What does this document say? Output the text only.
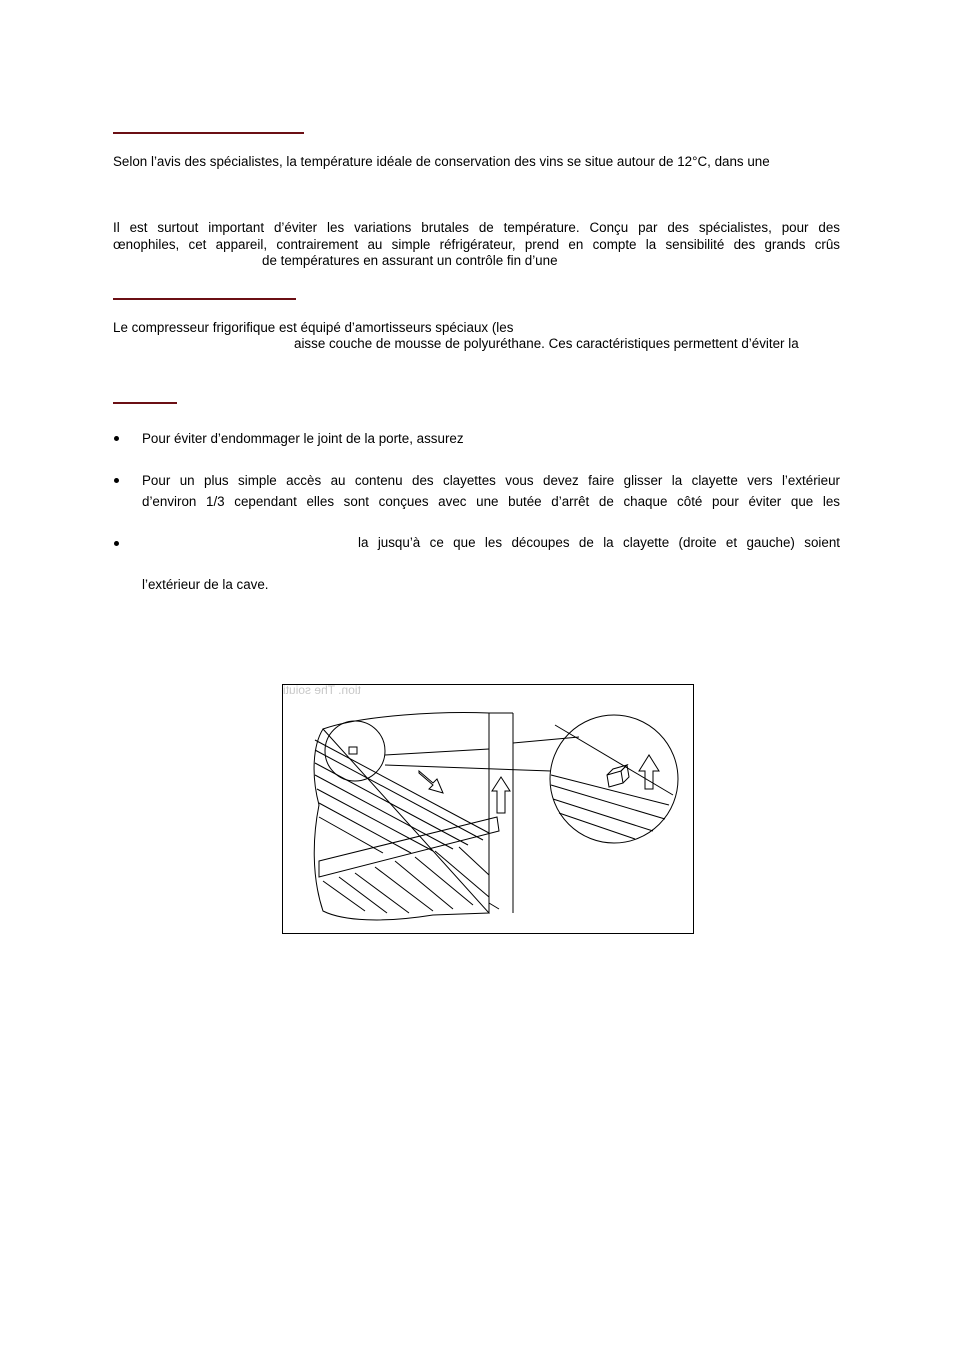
Selon l’avis des spécialistes, la température idéale de conservation des vins se situe autour de 12°C, dans une
Il est surtout important d’éviter les variations brutales de température. Conçu par des spécialistes, pour des
œnophiles, cet appareil, contrairement au simple réfrigérateur, prend en compte la sensibilité des grands crûs
de températures en assurant un contrôle fin d’une
Le compresseur frigorifique est équipé d’amortisseurs spéciaux (les
aisse couche de mousse de polyuréthane. Ces caractéristiques permettent d’éviter la
Pour éviter d’endommager le joint de la porte, assurez
Pour un plus simple accès au contenu des clayettes vous devez faire glisser la clayette vers l’extérieur
d’environ 1/3 cependant elles sont conçues avec une butée d’arrêt de chaque côté pour éviter que les
la jusqu’à ce que les découpes de la clayette (droite et gauche) soient
l’extérieur de la cave.
tion. The soiuti
